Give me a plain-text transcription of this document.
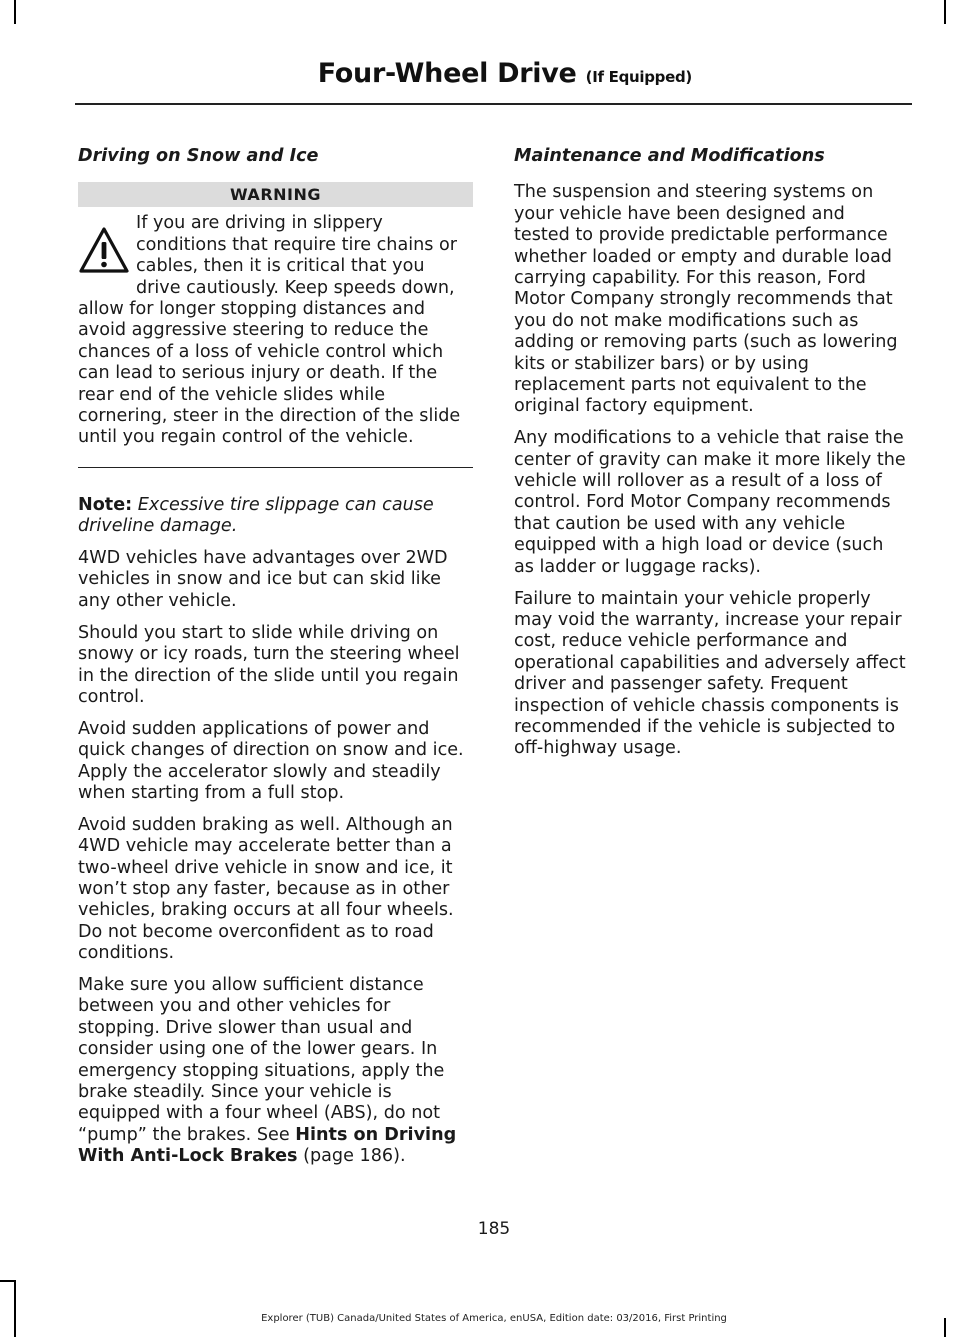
Four-Wheel Drive (If Equipped)
Driving on Snow and Ice
WARNING

If you are driving in slippery conditions that require tire chains or cables, then it is critical that you drive cautiously. Keep speeds down, allow for longer stopping distances and avoid aggressive steering to reduce the chances of a loss of vehicle control which can lead to serious injury or death. If the rear end of the vehicle slides while cornering, steer in the direction of the slide until you regain control of the vehicle.

Note: Excessive tire slippage can cause driveline damage.

4WD vehicles have advantages over 2WD vehicles in snow and ice but can skid like any other vehicle.

Should you start to slide while driving on snowy or icy roads, turn the steering wheel in the direction of the slide until you regain control.

Avoid sudden applications of power and quick changes of direction on snow and ice. Apply the accelerator slowly and steadily when starting from a full stop.

Avoid sudden braking as well. Although an 4WD vehicle may accelerate better than a two-wheel drive vehicle in snow and ice, it won’t stop any faster, because as in other vehicles, braking occurs at all four wheels. Do not become overconfident as to road conditions.

Make sure you allow sufficient distance between you and other vehicles for stopping. Drive slower than usual and consider using one of the lower gears. In emergency stopping situations, apply the brake steadily. Since your vehicle is equipped with a four wheel (ABS), do not “pump” the brakes. See Hints on Driving With Anti-Lock Brakes (page 186).

Maintenance and Modifications

The suspension and steering systems on your vehicle have been designed and tested to provide predictable performance whether loaded or empty and durable load carrying capability. For this reason, Ford Motor Company strongly recommends that you do not make modifications such as adding or removing parts (such as lowering kits or stabilizer bars) or by using replacement parts not equivalent to the original factory equipment.

Any modifications to a vehicle that raise the center of gravity can make it more likely the vehicle will rollover as a result of a loss of control. Ford Motor Company recommends that caution be used with any vehicle equipped with a high load or device (such as ladder or luggage racks).

Failure to maintain your vehicle properly may void the warranty, increase your repair cost, reduce vehicle performance and operational capabilities and adversely affect driver and passenger safety. Frequent inspection of vehicle chassis components is recommended if the vehicle is subjected to off-highway usage.

185
Explorer (TUB) Canada/United States of America, enUSA, Edition date: 03/2016, First Printing
